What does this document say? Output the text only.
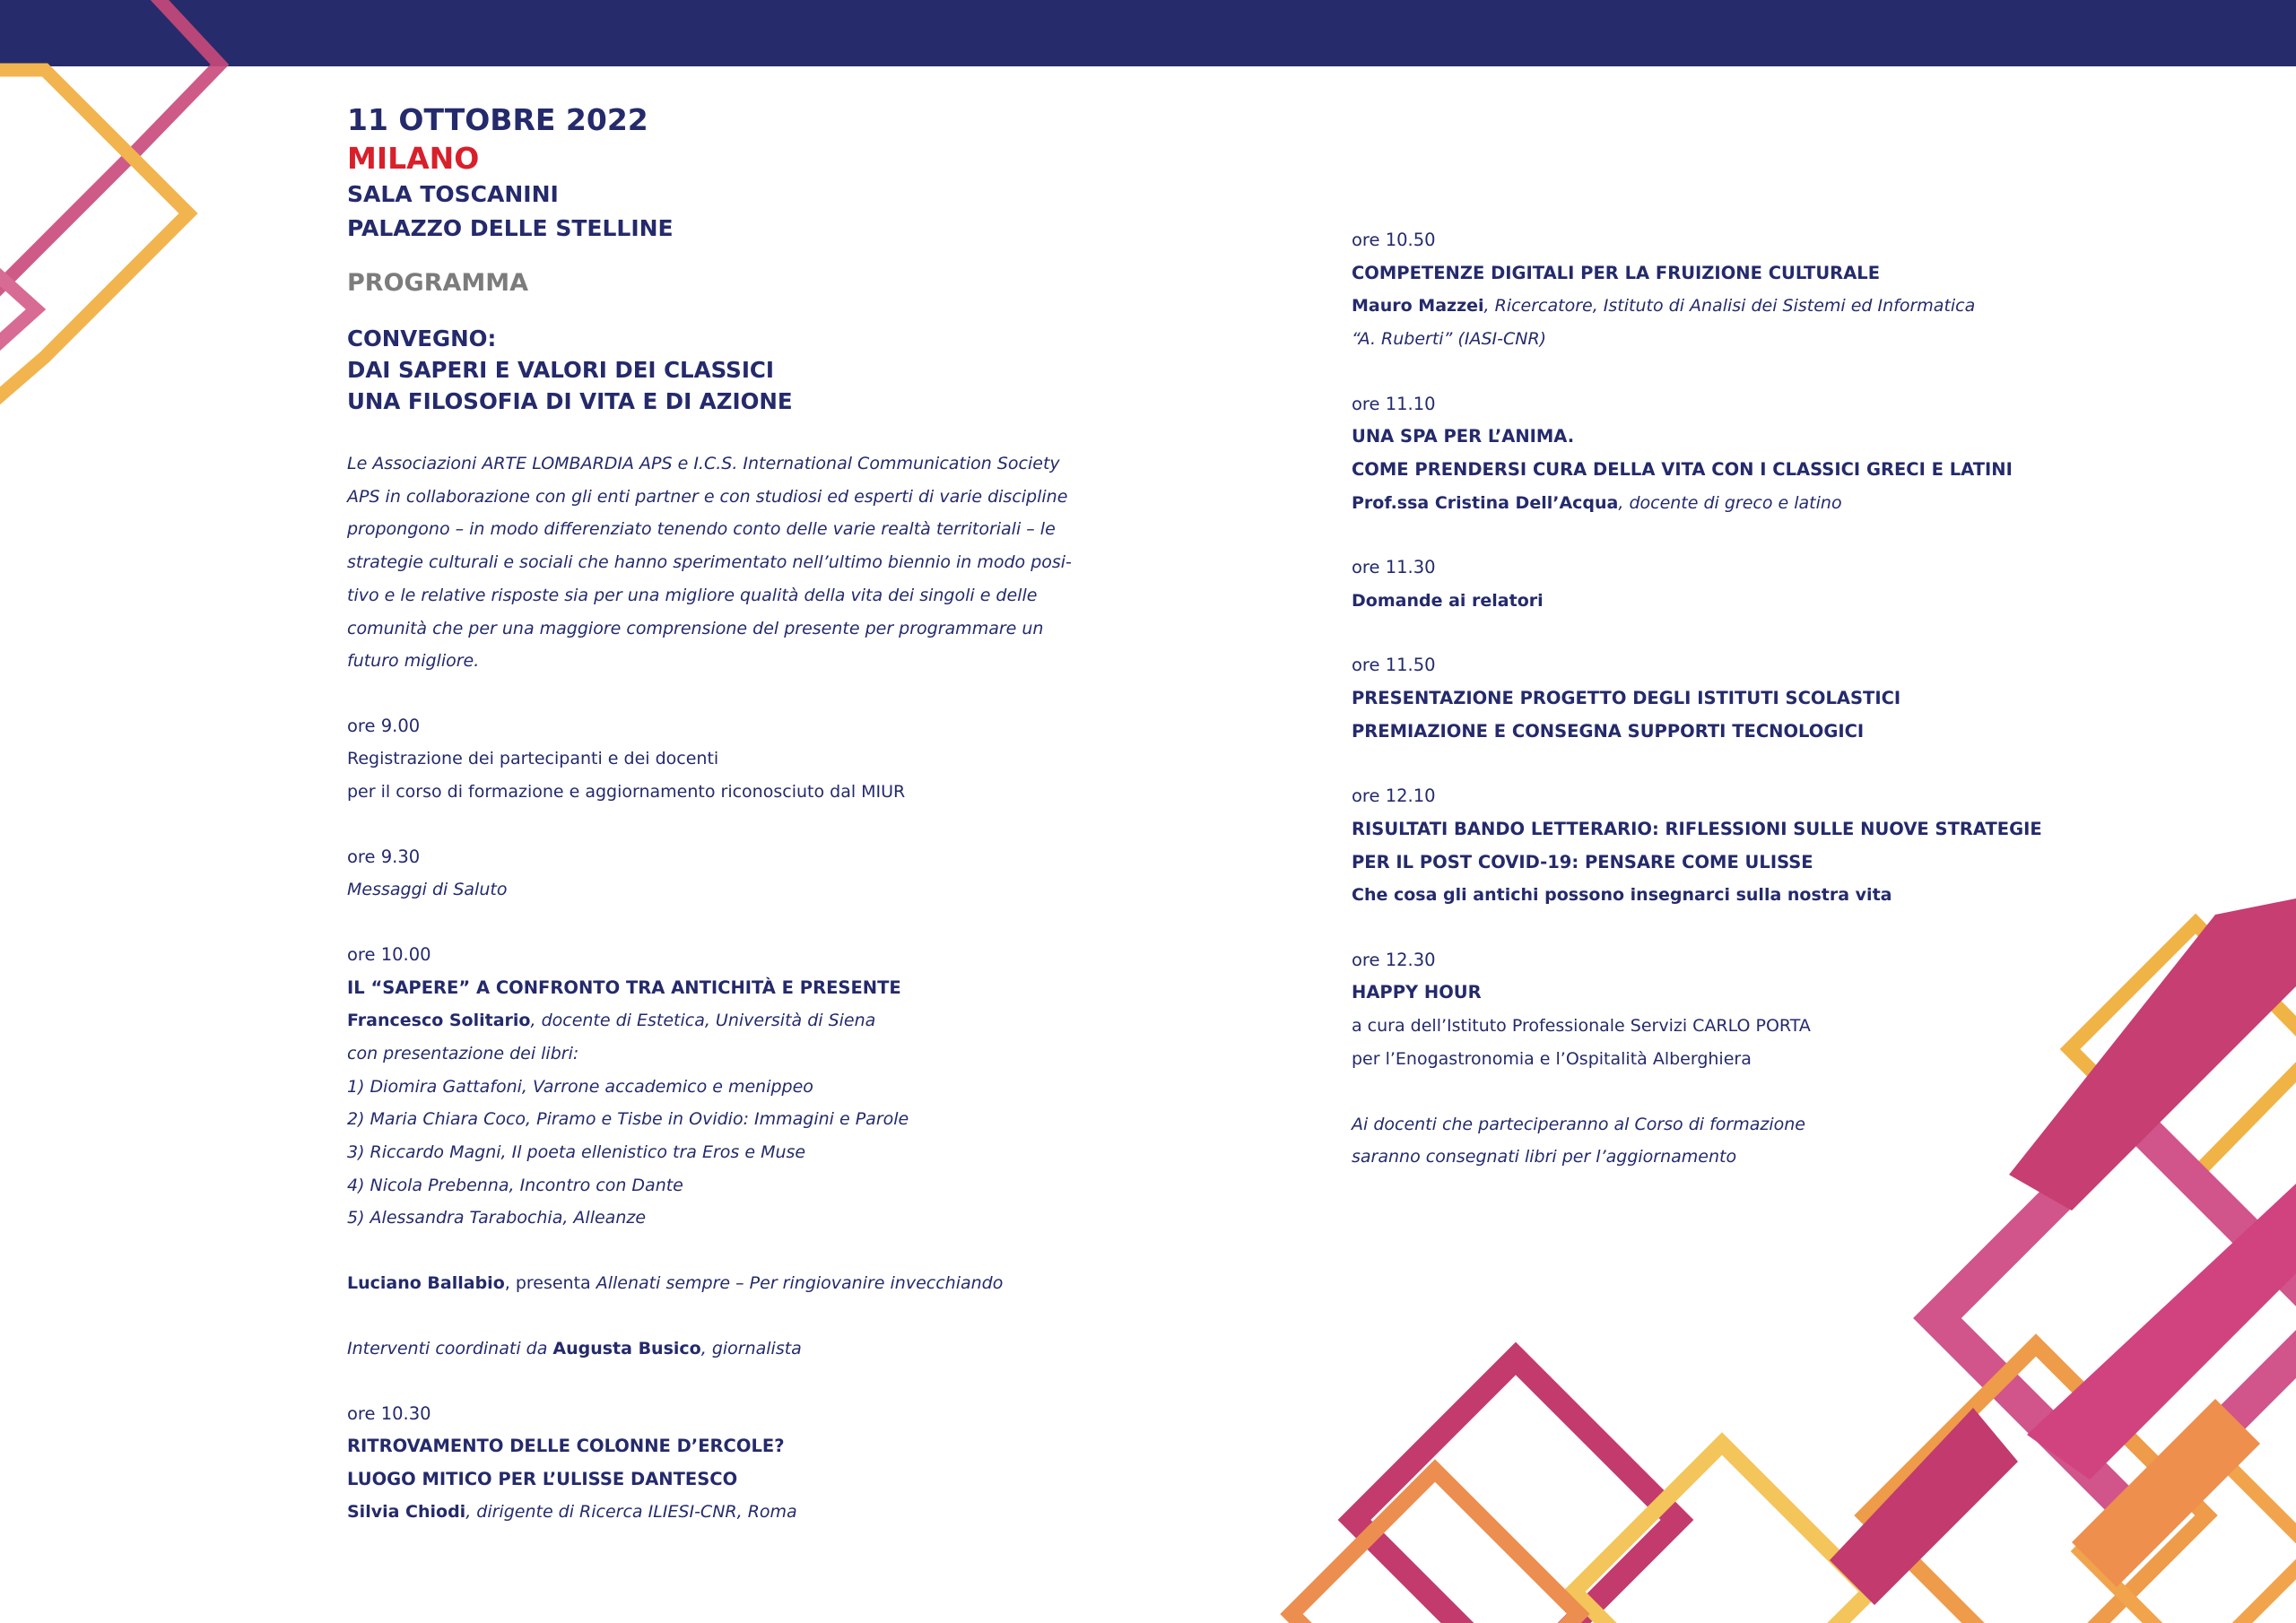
11 OTTOBRE 2022
MILANO
SALA TOSCANINI
PALAZZO DELLE STELLINE
PROGRAMMA
CONVEGNO:
DAI SAPERI E VALORI DEI CLASSICI
UNA FILOSOFIA DI VITA E DI AZIONE
Le Associazioni ARTE LOMBARDIA APS e I.C.S. International Communication Society
APS in collaborazione con gli enti partner e con studiosi ed esperti di varie discipline
propongono – in modo differenziato tenendo conto delle varie realtà territoriali – le
strategie culturali e sociali che hanno sperimentato nell’ultimo biennio in modo posi-
tivo e le relative risposte sia per una migliore qualità della vita dei singoli e delle
comunità che per una maggiore comprensione del presente per programmare un
futuro migliore.
ore 9.00
Registrazione dei partecipanti e dei docenti
per il corso di formazione e aggiornamento riconosciuto dal MIUR
ore 9.30
Messaggi di Saluto
ore 10.00
IL “SAPERE” A CONFRONTO TRA ANTICHITÀ E PRESENTE
Francesco Solitario, docente di Estetica, Università di Siena
con presentazione dei libri:
1) Diomira Gattafoni, Varrone accademico e menippeo
2) Maria Chiara Coco, Piramo e Tisbe in Ovidio: Immagini e Parole
3) Riccardo Magni, Il poeta ellenistico tra Eros e Muse
4) Nicola Prebenna, Incontro con Dante
5) Alessandra Tarabochia, Alleanze
Luciano Ballabio, presenta Allenati sempre – Per ringiovanire invecchiando
Interventi coordinati da Augusta Busico, giornalista
ore 10.30
RITROVAMENTO DELLE COLONNE D’ERCOLE?
LUOGO MITICO PER L’ULISSE DANTESCO
Silvia Chiodi, dirigente di Ricerca ILIESI-CNR, Roma
ore 10.50
COMPETENZE DIGITALI PER LA FRUIZIONE CULTURALE
Mauro Mazzei, Ricercatore, Istituto di Analisi dei Sistemi ed Informatica
“A. Ruberti” (IASI-CNR)
ore 11.10
UNA SPA PER L’ANIMA.
COME PRENDERSI CURA DELLA VITA CON I CLASSICI GRECI E LATINI
Prof.ssa Cristina Dell’Acqua, docente di greco e latino
ore 11.30
Domande ai relatori
ore 11.50
PRESENTAZIONE PROGETTO DEGLI ISTITUTI SCOLASTICI
PREMIAZIONE E CONSEGNA SUPPORTI TECNOLOGICI
ore 12.10
RISULTATI BANDO LETTERARIO: RIFLESSIONI SULLE NUOVE STRATEGIE
PER IL POST COVID-19: PENSARE COME ULISSE
Che cosa gli antichi possono insegnarci sulla nostra vita
ore 12.30
HAPPY HOUR
a cura dell’Istituto Professionale Servizi CARLO PORTA
per l’Enogastronomia e l’Ospitalità Alberghiera
Ai docenti che parteciperanno al Corso di formazione
saranno consegnati libri per l’aggiornamento
